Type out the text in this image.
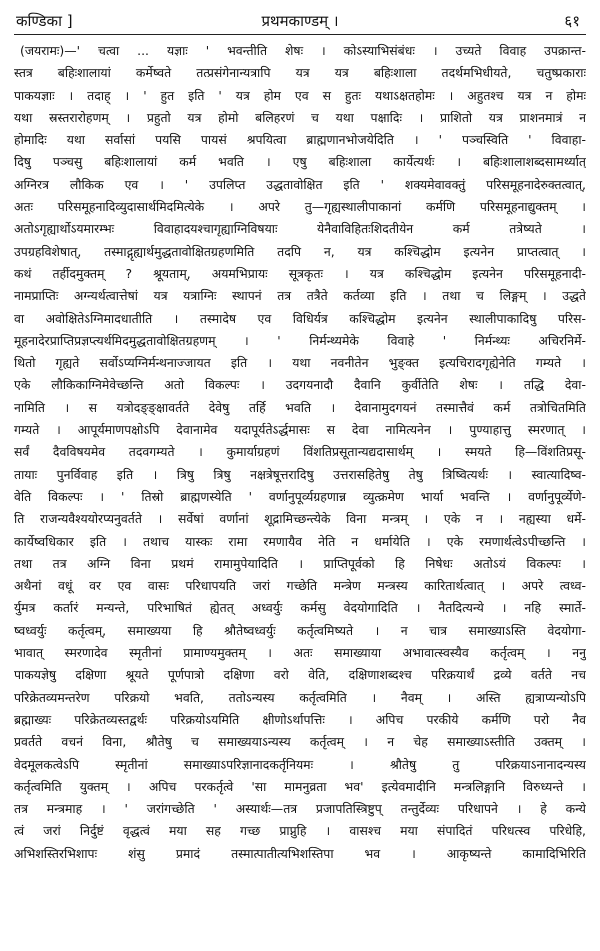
कण्डिका ]	प्रथमकाण्डम् ।	६१
(जयरामः)—' चत्वा ... यज्ञाः ' भवन्तीति शेषः । कोऽस्याभिसंबंधः । उच्यते विवाह उपक्रान्त-
स्तत्र बहिःशालायां कर्मेष्वते तत्प्रसंगेनान्यत्रापि यत्र यत्र बहिःशाला तदर्थमभिधीयते, चतुष्प्रकाराः
पाकयज्ञाः । तदाह् । ' हुत इति ' यत्र होम एव स हुतः यथाऽक्षतहोमः । अहुतश्च यत्र न होमः
यथा स्रस्तरारोहणम् । प्रहुतो यत्र होमो बलिहरणं च यथा पक्षादिः । प्राशितो यत्र प्राशनमात्रं न
होमादिः यथा सर्वासां पयसि पायसं श्रपयित्वा ब्राह्मणानभोजयेदिति । ' पञ्चस्विति ' विवाहा-
दिषु पञ्चसु बहिःशालायां कर्म भवति । एषु बहिःशाला कार्येत्यर्थः । बहिःशालाशब्दसामर्थ्यात्
अग्निरत्र लौकिक एव । ' उपलिप्त उद्धतावोक्षित इति ' शक्यमेवावक्तुं परिसमूहनादेरुक्तत्वात्,
अतः परिसमूहनादिव्युदासार्थमिदमित्येके । अपरे तु—गृह्यस्थालीपाकानां कर्मणि परिसमूहनाद्युक्तम् ।
अतोऽगृह्यार्थोऽयमारम्भः विवाहादयश्चागृह्याग्निविषयाः येनैवाविहितःशिदतीयेन कर्म तत्रेष्यते ।
उपग्रहविशेषात्, तस्माद्गृह्यार्थमुद्धतावोक्षितग्रहणमिति तदपि न, यत्र कश्चिद्धोम इत्यनेन प्राप्तत्वात् ।
कथं तर्हीदमुक्तम् ? श्रूयताम्, अयमभिप्रायः सूत्रकृतः । यत्र कश्चिद्धोम इत्यनेन परिसमूहनादी-
नामप्राप्तिः अग्न्यर्थत्वात्तेषां यत्र यत्राग्निः स्थापनं तत्र तत्रैते कर्तव्या इति । तथा च लिङ्गम् । उद्धते
वा अवोक्षितेऽग्निमादधातीति । तस्मादेष एव विधिर्यत्र कश्चिद्धोम इत्यनेन स्थालीपाकादिषु परिस-
मूहनादेरप्राप्तिप्रज्ञप्त्यर्थमिदमुद्धतावोक्षितग्रहणम् । ' निर्मन्थ्यमेके विवाहे ' निर्मन्थ्यः अचिरनिर्मे-
थितो गृह्यते सर्वोऽप्यग्निर्मन्थनाज्जायत इति । यथा नवनीतेन भुङ्क्त इत्यचिरादगृह्येनेति गम्यते ।
एके लौकिकाग्निमेवेच्छन्ति अतो विकल्पः । उदगयनादौ दैवानि कुर्वीतेति शेषः । तद्धि देवा-
नामिति । स यत्रोदङ्ङ्क्षावर्तते देवेषु तर्हि भवति । देवानामुदगयनं तस्मात्तैवं कर्म तत्रोचितमिति
गम्यते । आपूर्यमाणपक्षोऽपि देवानामेव यदापूर्यतेऽर्द्धमासः स देवा नामित्यनेन । पुण्याहात्तु स्मरणात् ।
सर्वं दैवविषयमेव तदवगम्यते । कुमार्याग्रहणं विंशतिप्रसूतान्यद्यदासार्थम् । स्मयते हि—विंशतिप्रसू-
तायाः पुनर्विवाह इति । त्रिषु त्रिषु नक्षत्रेषूत्तरादिषु उत्तरासहितेषु तेषु त्रिष्वित्यर्थः । स्वात्यादिष्व-
वेति विकल्पः । ' तिस्रो ब्राह्मणस्येति ' वर्णानुपूर्व्यग्रहणान्न व्युत्क्रमेण भार्या भवन्ति । वर्णानुपूर्व्येणे-
ति राजन्यवैश्ययोरप्यनुवर्तते । सर्वेषां वर्णानां शूद्रामिच्छन्त्येके विना मन्त्रम् । एके न । नह्यस्या धर्मे-
कार्येष्वधिकार इति । तथाच यास्कः रामा रमणायैव नेति न धर्मायेति । एके रमणार्थत्वेऽपीच्छन्ति ।
तथा तत्र अग्नि विना प्रथमं रामामुपेयादिति । प्राप्तिपूर्वको हि निषेधः अतोऽयं विकल्पः ।
अथैनां वधूं वर एव वासः परिधापयति जरां गच्छेति मन्त्रेण मन्त्रस्य कारितार्थत्वात् । अपरे त्वध्व-
र्युमत्र कर्तारं मन्यन्ते, परिभाषितं ह्येतत् अध्वर्युः कर्मसु वेदयोगादिति । नैतदित्यन्ये । नहि स्मार्ते-
ष्वध्वर्युः कर्तृत्वम्, समाख्यया हि श्रौतेष्वध्वर्युः कर्तृत्वमिष्यते । न चात्र समाख्याऽस्ति वेदयोगा-
भावात् स्मरणादेव स्मृतीनां प्रामाण्यमुक्तम् । अतः समाख्याया अभावात्स्वस्यैव कर्तृत्वम् । ननु
पाकयज्ञेषु दक्षिणा श्रूयते पूर्णपात्रो दक्षिणा वरो वेति, दक्षिणाशब्दश्च परिक्रयार्थं द्रव्ये वर्तते नच
परिक्रेतव्यमन्तरेण परिक्रयो भवति, ततोऽन्यस्य कर्तृत्वमिति । नैवम् । अस्ति ह्यत्राप्यन्योऽपि
ब्रह्माख्यः परिक्रेतव्यस्तद्वर्थः परिक्रयोऽयमिति क्षीणोऽर्थापत्तिः । अपिच परकीये कर्मणि परो नैव
प्रवर्तते वचनं विना, श्रौतेषु च समाख्ययाऽन्यस्य कर्तृत्वम् । न चेह समाख्याऽस्तीति उक्तम् ।
वेदमूलकत्वेऽपि स्मृतीनां समाख्याऽपरिज्ञानादकर्तृनियमः । श्रौतेषु तु परिक्रयाऽनानादन्यस्य
कर्तृत्वमिति युक्तम् । अपिच परकर्तृत्वे 'सा मामनुव्रता भव' इत्येवमादीनि मन्त्रलिङ्गानि विरुध्यन्ते ।
तत्र मन्त्रमाह । ' जरांगच्छेति ' अस्यार्थः—तत्र प्रजापतिस्त्रिष्टुप् तन्तुर्देव्यः परिधापने । हे कन्ये
त्वं जरां निर्दुष्टं वृद्धत्वं मया सह गच्छ प्राप्नुहि । वासश्च मया संपादितं परिधत्स्व परिधेहि,
अभिशस्तिरभिशापः शंसु प्रमादं तस्मात्पातीत्यभिशस्तिपा भव । आकृष्यन्ते कामादिभिरिति
